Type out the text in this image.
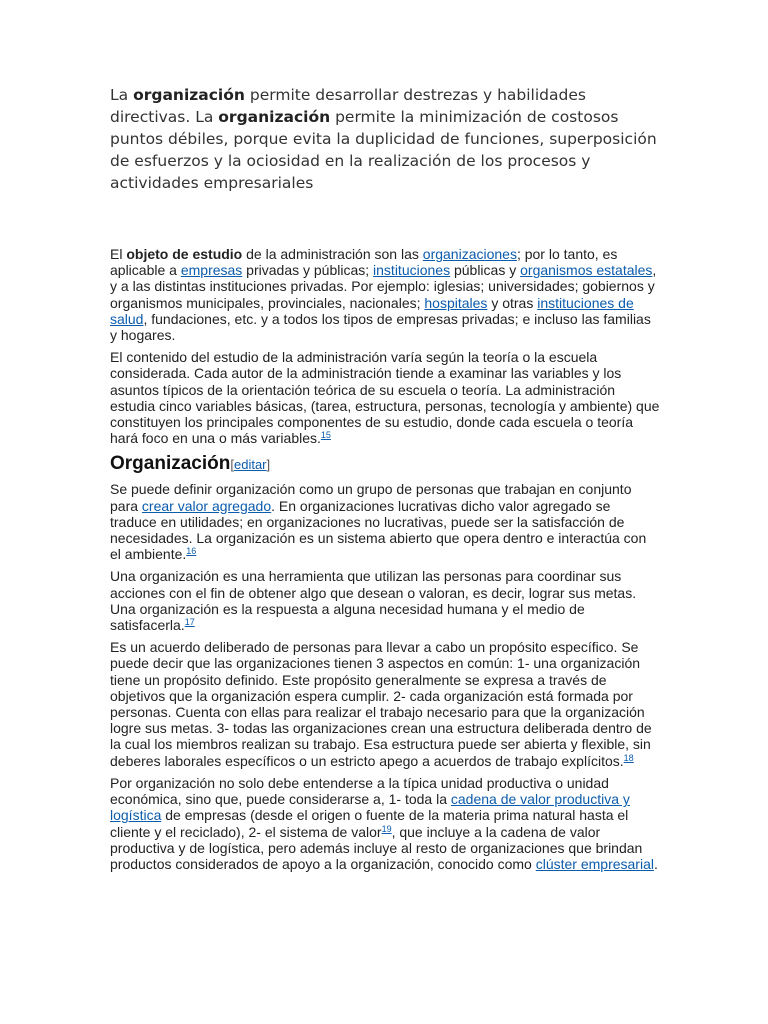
La organización permite desarrollar destrezas y habilidades directivas. La organización permite la minimización de costosos puntos débiles, porque evita la duplicidad de funciones, superposición de esfuerzos y la ociosidad en la realización de los procesos y actividades empresariales

El objeto de estudio de la administración son las organizaciones; por lo tanto, es aplicable a empresas privadas y públicas; instituciones públicas y organismos estatales, y a las distintas instituciones privadas. Por ejemplo: iglesias; universidades; gobiernos y organismos municipales, provinciales, nacionales; hospitales y otras instituciones de salud, fundaciones, etc. y a todos los tipos de empresas privadas; e incluso las familias y hogares.

El contenido del estudio de la administración varía según la teoría o la escuela considerada. Cada autor de la administración tiende a examinar las variables y los asuntos típicos de la orientación teórica de su escuela o teoría. La administración estudia cinco variables básicas, (tarea, estructura, personas, tecnología y ambiente) que constituyen los principales componentes de su estudio, donde cada escuela o teoría hará foco en una o más variables.$^{15}$

Organización[editar]

Se puede definir organización como un grupo de personas que trabajan en conjunto para crear valor agregado. En organizaciones lucrativas dicho valor agregado se traduce en utilidades; en organizaciones no lucrativas, puede ser la satisfacción de necesidades. La organización es un sistema abierto que opera dentro e interactúa con el ambiente.$^{16}$

Una organización es una herramienta que utilizan las personas para coordinar sus acciones con el fin de obtener algo que desean o valoran, es decir, lograr sus metas. Una organización es la respuesta a alguna necesidad humana y el medio de satisfacerla.$^{17}$

Es un acuerdo deliberado de personas para llevar a cabo un propósito específico. Se puede decir que las organizaciones tienen 3 aspectos en común: 1- una organización tiene un propósito definido. Este propósito generalmente se expresa a través de objetivos que la organización espera cumplir. 2- cada organización está formada por personas. Cuenta con ellas para realizar el trabajo necesario para que la organización logre sus metas. 3- todas las organizaciones crean una estructura deliberada dentro de la cual los miembros realizan su trabajo. Esa estructura puede ser abierta y flexible, sin deberes laborales específicos o un estricto apego a acuerdos de trabajo explícitos.$^{18}$

Por organización no solo debe entenderse a la típica unidad productiva o unidad económica, sino que, puede considerarse a, 1- toda la cadena de valor productiva y logística de empresas (desde el origen o fuente de la materia prima natural hasta el cliente y el reciclado), 2- el sistema de valor$^{19}$, que incluye a la cadena de valor productiva y de logística, pero además incluye al resto de organizaciones que brindan productos considerados de apoyo a la organización, conocido como clúster empresarial.
